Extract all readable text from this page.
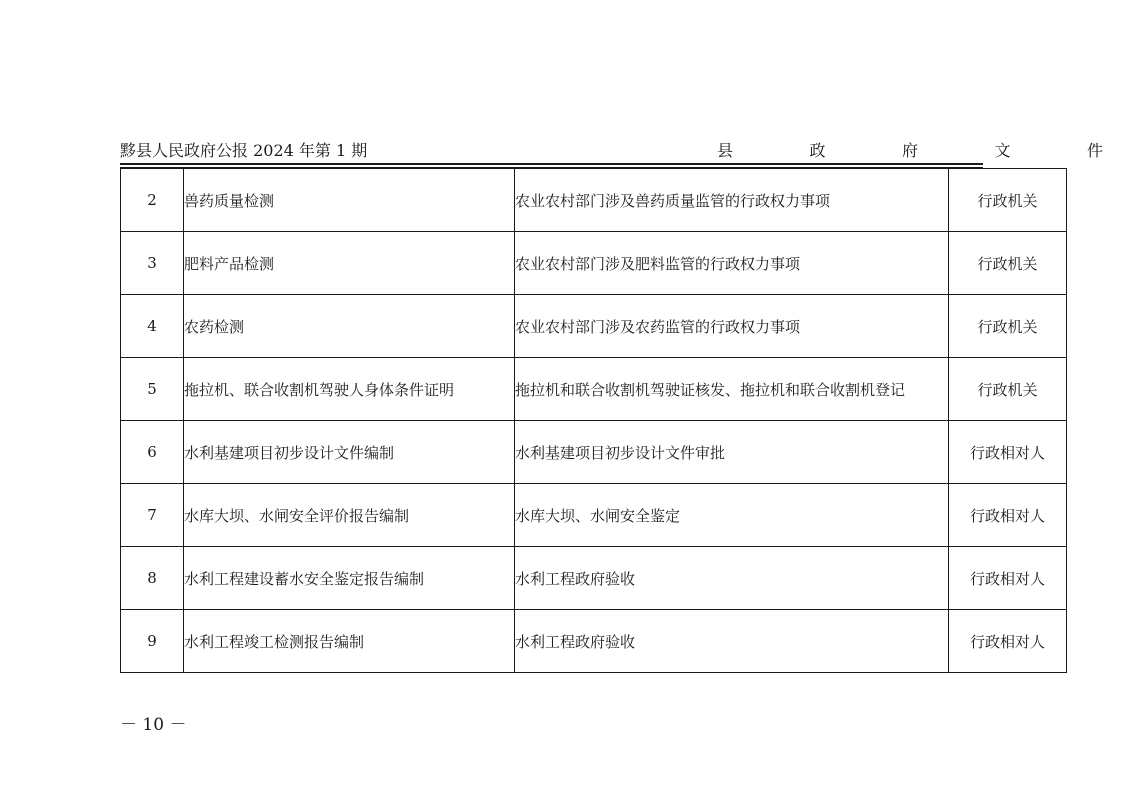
黟县人民政府公报 2024 年第 1 期	县	政	府	文	件
2	兽药质量检测	农业农村部门涉及兽药质量监管的行政权力事项	行政机关
3	肥料产品检测	农业农村部门涉及肥料监管的行政权力事项	行政机关
4	农药检测	农业农村部门涉及农药监管的行政权力事项	行政机关
5	拖拉机、联合收割机驾驶人身体条件证明	拖拉机和联合收割机驾驶证核发、拖拉机和联合收割机登记	行政机关
6	水利基建项目初步设计文件编制	水利基建项目初步设计文件审批	行政相对人
7	水库大坝、水闸安全评价报告编制	水库大坝、水闸安全鉴定	行政相对人
8	水利工程建设蓄水安全鉴定报告编制	水利工程政府验收	行政相对人
9	水利工程竣工检测报告编制	水利工程政府验收	行政相对人
－ 10 －
